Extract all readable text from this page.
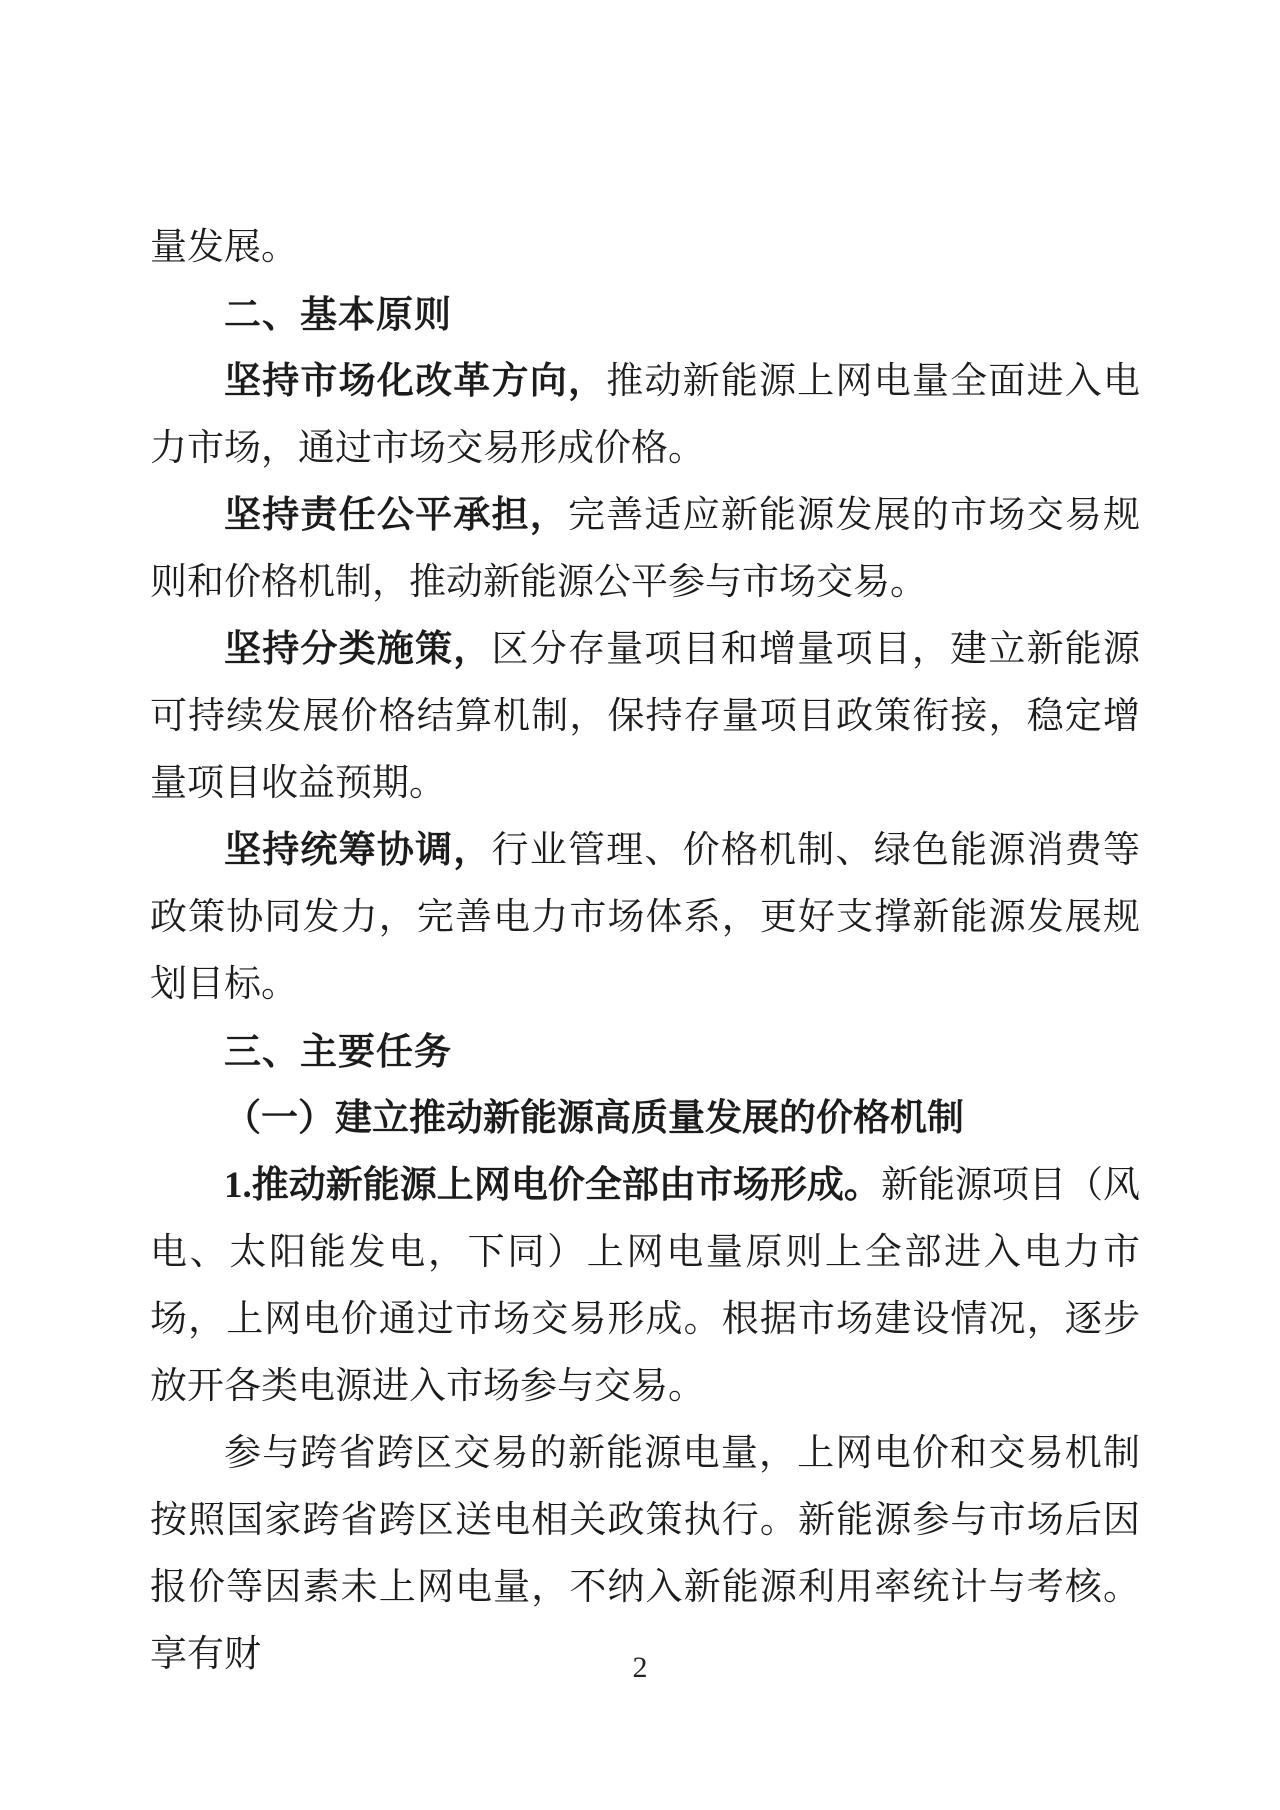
量发展。

二、基本原则

坚持市场化改革方向，推动新能源上网电量全面进入电力市场，通过市场交易形成价格。

坚持责任公平承担，完善适应新能源发展的市场交易规则和价格机制，推动新能源公平参与市场交易。

坚持分类施策，区分存量项目和增量项目，建立新能源可持续发展价格结算机制，保持存量项目政策衔接，稳定增量项目收益预期。

坚持统筹协调，行业管理、价格机制、绿色能源消费等政策协同发力，完善电力市场体系，更好支撑新能源发展规划目标。

三、主要任务

（一）建立推动新能源高质量发展的价格机制

1.推动新能源上网电价全部由市场形成。新能源项目（风电、太阳能发电，下同）上网电量原则上全部进入电力市场，上网电价通过市场交易形成。根据市场建设情况，逐步放开各类电源进入市场参与交易。

参与跨省跨区交易的新能源电量，上网电价和交易机制按照国家跨省跨区送电相关政策执行。新能源参与市场后因报价等因素未上网电量，不纳入新能源利用率统计与考核。享有财	2
